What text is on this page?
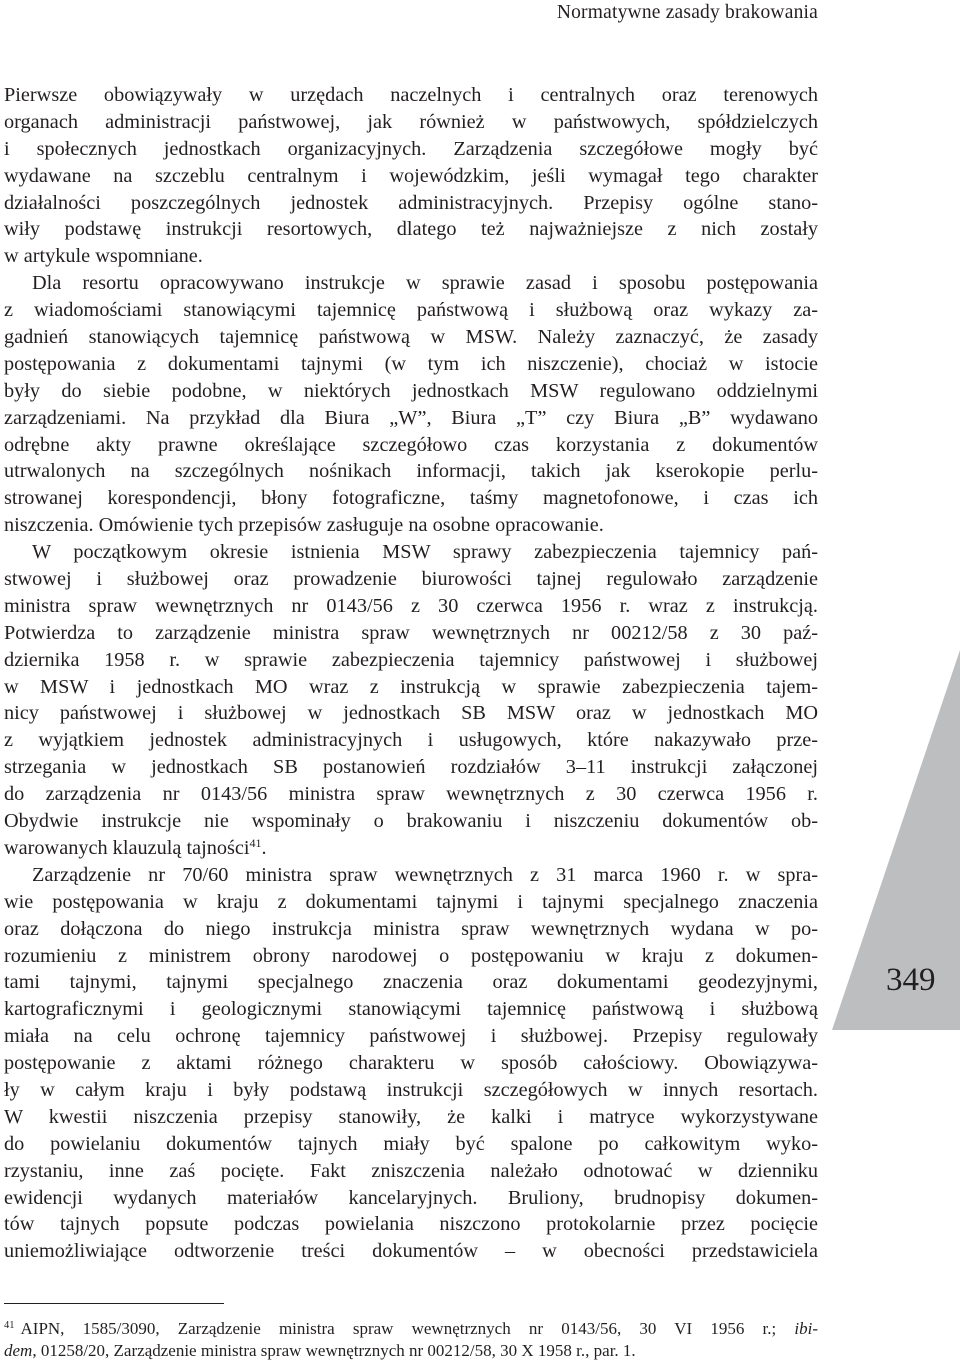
Normatywne zasady brakowania
Pierwsze obowiązywały w urzędach naczelnych i centralnych oraz terenowych
organach administracji państwowej, jak również w państwowych, spółdzielczych
i społecznych jednostkach organizacyjnych. Zarządzenia szczegółowe mogły być
wydawane na szczeblu centralnym i wojewódzkim, jeśli wymagał tego charakter
działalności poszczególnych jednostek administracyjnych. Przepisy ogólne stano-
wiły podstawę instrukcji resortowych, dlatego też najważniejsze z nich zostały
w artykule wspomniane.
Dla resortu opracowywano instrukcje w sprawie zasad i sposobu postępowania
z wiadomościami stanowiącymi tajemnicę państwową i służbową oraz wykazy za-
gadnień stanowiących tajemnicę państwową w MSW. Należy zaznaczyć, że zasady
postępowania z dokumentami tajnymi (w tym ich niszczenie), chociaż w istocie
były do siebie podobne, w niektórych jednostkach MSW regulowano oddzielnymi
zarządzeniami. Na przykład dla Biura „W”, Biura „T” czy Biura „B” wydawano
odrębne akty prawne określające szczegółowo czas korzystania z dokumentów
utrwalonych na szczególnych nośnikach informacji, takich jak kserokopie perlu-
strowanej korespondencji, błony fotograficzne, taśmy magnetofonowe, i czas ich
niszczenia. Omówienie tych przepisów zasługuje na osobne opracowanie.
W początkowym okresie istnienia MSW sprawy zabezpieczenia tajemnicy pań-
stwowej i służbowej oraz prowadzenie biurowości tajnej regulowało zarządzenie
ministra spraw wewnętrznych nr 0143/56 z 30 czerwca 1956 r. wraz z instrukcją.
Potwierdza to zarządzenie ministra spraw wewnętrznych nr 00212/58 z 30 paź-
dziernika 1958 r. w sprawie zabezpieczenia tajemnicy państwowej i służbowej
w MSW i jednostkach MO wraz z instrukcją w sprawie zabezpieczenia tajem-
nicy państwowej i służbowej w jednostkach SB MSW oraz w jednostkach MO
z wyjątkiem jednostek administracyjnych i usługowych, które nakazywało prze-
strzegania w jednostkach SB postanowień rozdziałów 3–11 instrukcji załączonej
do zarządzenia nr 0143/56 ministra spraw wewnętrznych z 30 czerwca 1956 r.
Obydwie instrukcje nie wspominały o brakowaniu i niszczeniu dokumentów ob-
warowanych klauzulą tajności$^{41}$.
Zarządzenie nr 70/60 ministra spraw wewnętrznych z 31 marca 1960 r. w spra-
wie postępowania w kraju z dokumentami tajnymi i tajnymi specjalnego znaczenia
oraz dołączona do niego instrukcja ministra spraw wewnętrznych wydana w po-
rozumieniu z ministrem obrony narodowej o postępowaniu w kraju z dokumen-
tami tajnymi, tajnymi specjalnego znaczenia oraz dokumentami geodezyjnymi,
kartograficznymi i geologicznymi stanowiącymi tajemnicę państwową i służbową
miała na celu ochronę tajemnicy państwowej i służbowej. Przepisy regulowały
postępowanie z aktami różnego charakteru w sposób całościowy. Obowiązywa-
ły w całym kraju i były podstawą instrukcji szczegółowych w innych resortach.
W kwestii niszczenia przepisy stanowiły, że kalki i matryce wykorzystywane
do powielaniu dokumentów tajnych miały być spalone po całkowitym wyko-
rzystaniu, inne zaś pocięte. Fakt zniszczenia należało odnotować w dzienniku
ewidencji wydanych materiałów kancelaryjnych. Bruliony, brudnopisy dokumen-
tów tajnych popsute podczas powielania niszczono protokolarnie przez pocięcie
uniemożliwiające odtworzenie treści dokumentów – w obecności przedstawiciela
349
$^{41}$ AIPN, 1585/3090, Zarządzenie ministra spraw wewnętrznych nr 0143/56, 30 VI 1956 r.; ibi-
dem, 01258/20, Zarządzenie ministra spraw wewnętrznych nr 00212/58, 30 X 1958 r., par. 1.
